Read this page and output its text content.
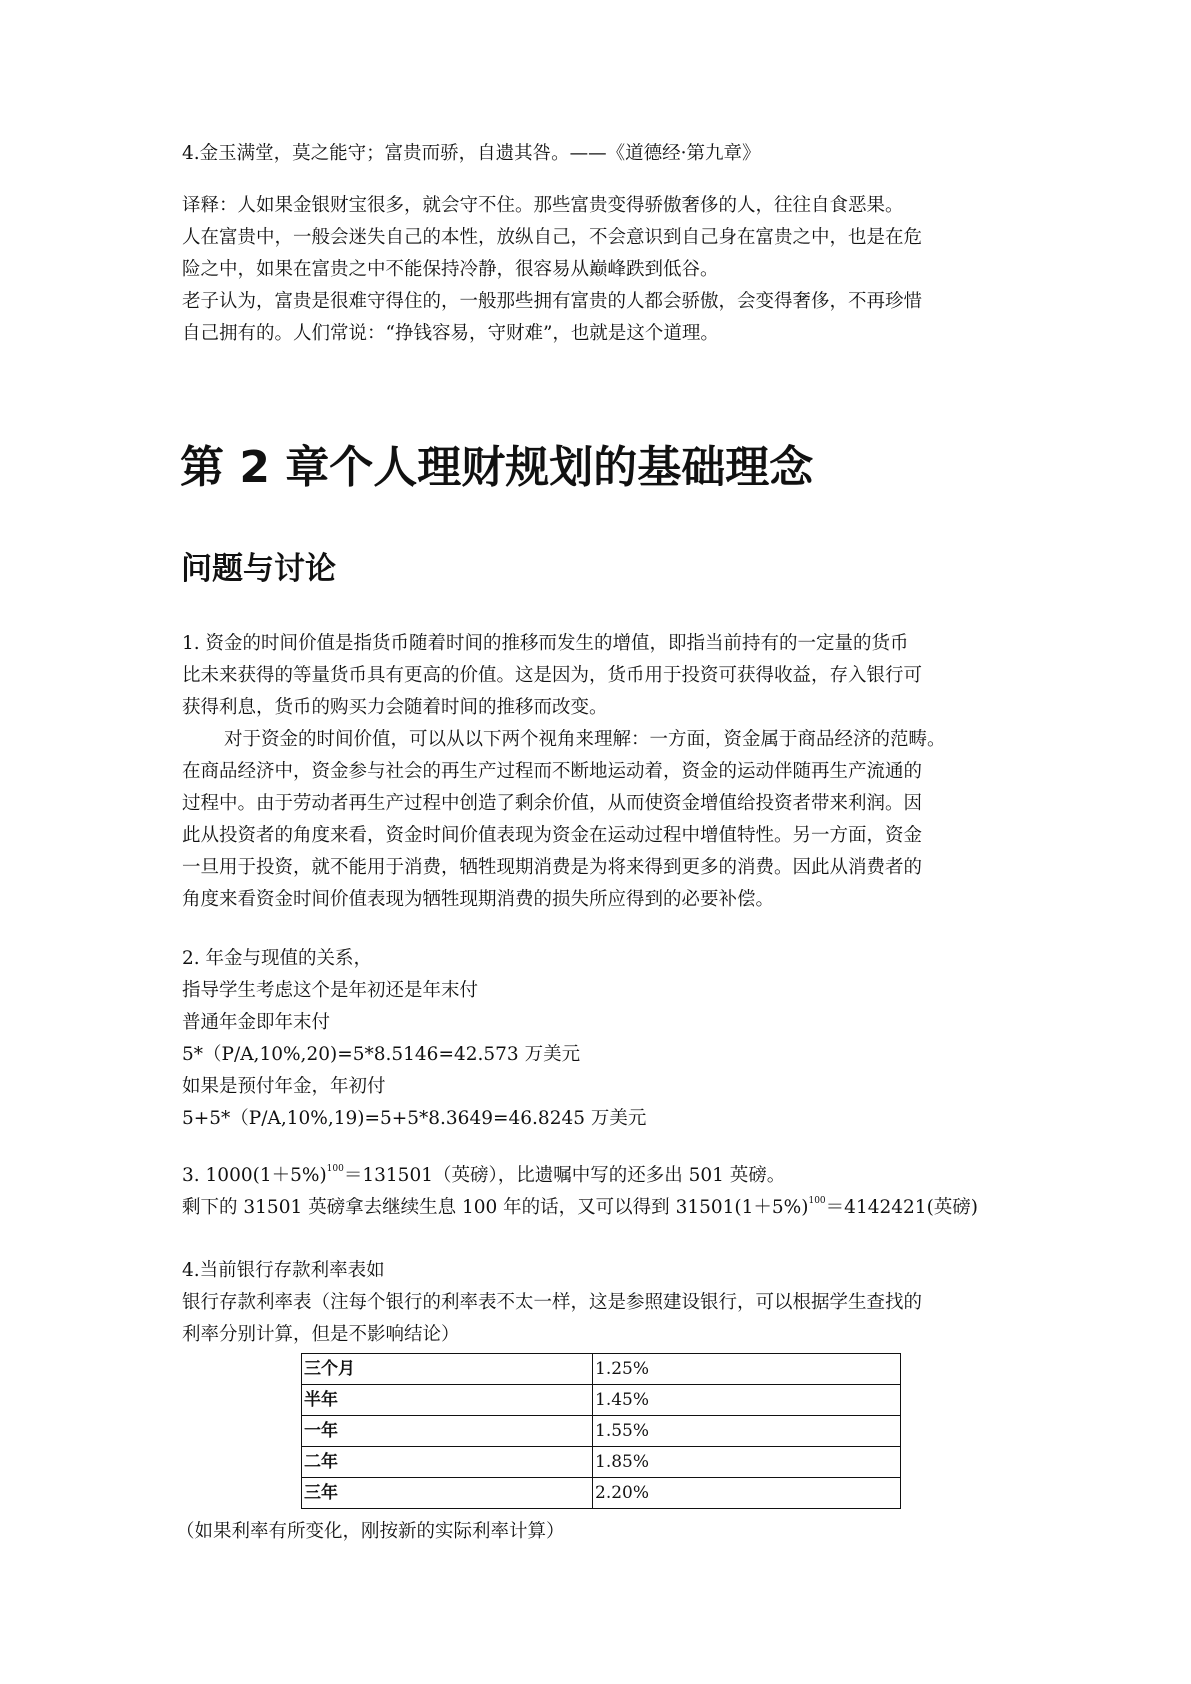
4.金玉满堂，莫之能守；富贵而骄，自遗其咎。——《道德经·第九章》

译释：人如果金银财宝很多，就会守不住。那些富贵变得骄傲奢侈的人，往往自食恶果。

人在富贵中，一般会迷失自己的本性，放纵自己，不会意识到自己身在富贵之中，也是在危

险之中，如果在富贵之中不能保持冷静，很容易从巅峰跌到低谷。

老子认为，富贵是很难守得住的，一般那些拥有富贵的人都会骄傲，会变得奢侈，不再珍惜

自己拥有的。人们常说：“挣钱容易，守财难”，也就是这个道理。

第 2 章个人理财规划的基础理念
问题与讨论

1. 资金的时间价值是指货币随着时间的推移而发生的增值，即指当前持有的一定量的货币

比未来获得的等量货币具有更高的价值。这是因为，货币用于投资可获得收益，存入银行可

获得利息，货币的购买力会随着时间的推移而改变。

对于资金的时间价值，可以从以下两个视角来理解：一方面，资金属于商品经济的范畴。

在商品经济中，资金参与社会的再生产过程而不断地运动着，资金的运动伴随再生产流通的

过程中。由于劳动者再生产过程中创造了剩余价值，从而使资金增值给投资者带来利润。因

此从投资者的角度来看，资金时间价值表现为资金在运动过程中增值特性。另一方面，资金

一旦用于投资，就不能用于消费，牺牲现期消费是为将来得到更多的消费。因此从消费者的

角度来看资金时间价值表现为牺牲现期消费的损失所应得到的必要补偿。

2. 年金与现值的关系，

指导学生考虑这个是年初还是年末付

普通年金即年末付

5*（P/A,10%,20)=5*8.5146=42.573 万美元

如果是预付年金，年初付

5+5*（P/A,10%,19)=5+5*8.3649=46.8245 万美元

3. $1000(1+5\%)^{100}=131501$（英磅），比遗嘱中写的还多出 501 英磅。

剩下的 31501 英磅拿去继续生息 100 年的话，又可以得到 $31501(1+5\%)^{100}=4142421$(英磅)

4.当前银行存款利率表如

银行存款利率表（注每个银行的利率表不太一样，这是参照建设银行，可以根据学生查找的

利率分别计算，但是不影响结论）

三个月	1.25%
半年	1.45%
一年	1.55%
二年	1.85%
三年	2.20%

（如果利率有所变化，刚按新的实际利率计算）
